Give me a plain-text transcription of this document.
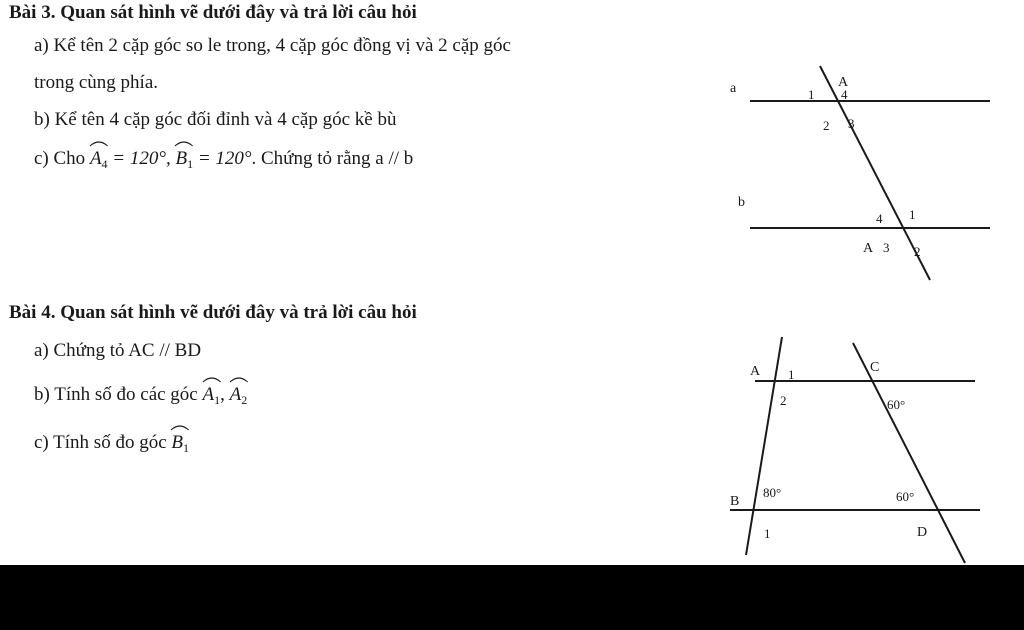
Bài 3. Quan sát hình vẽ dưới đây và trả lời câu hỏi
a) Kể tên 2 cặp góc so le trong, 4 cặp góc đồng vị và 2 cặp góc
trong cùng phía.
b) Kể tên 4 cặp góc đối đỉnh và 4 cặp góc kề bù
c) Cho
$A_4 = 120^\circ$, $B_1 = 120^\circ$. Chứng tỏ rằng a // b
a
b
A
1 4
2 3
4 1
A 3 2
Bài 4. Quan sát hình vẽ dưới đây và trả lời câu hỏi
a) Chứng tỏ AC // BD
b) Tính số đo các góc
$A_1$,
$A_2$
c) Tính số đo góc
$B_1$
A 1
2
C
60°
B
80°
1
60°
D
